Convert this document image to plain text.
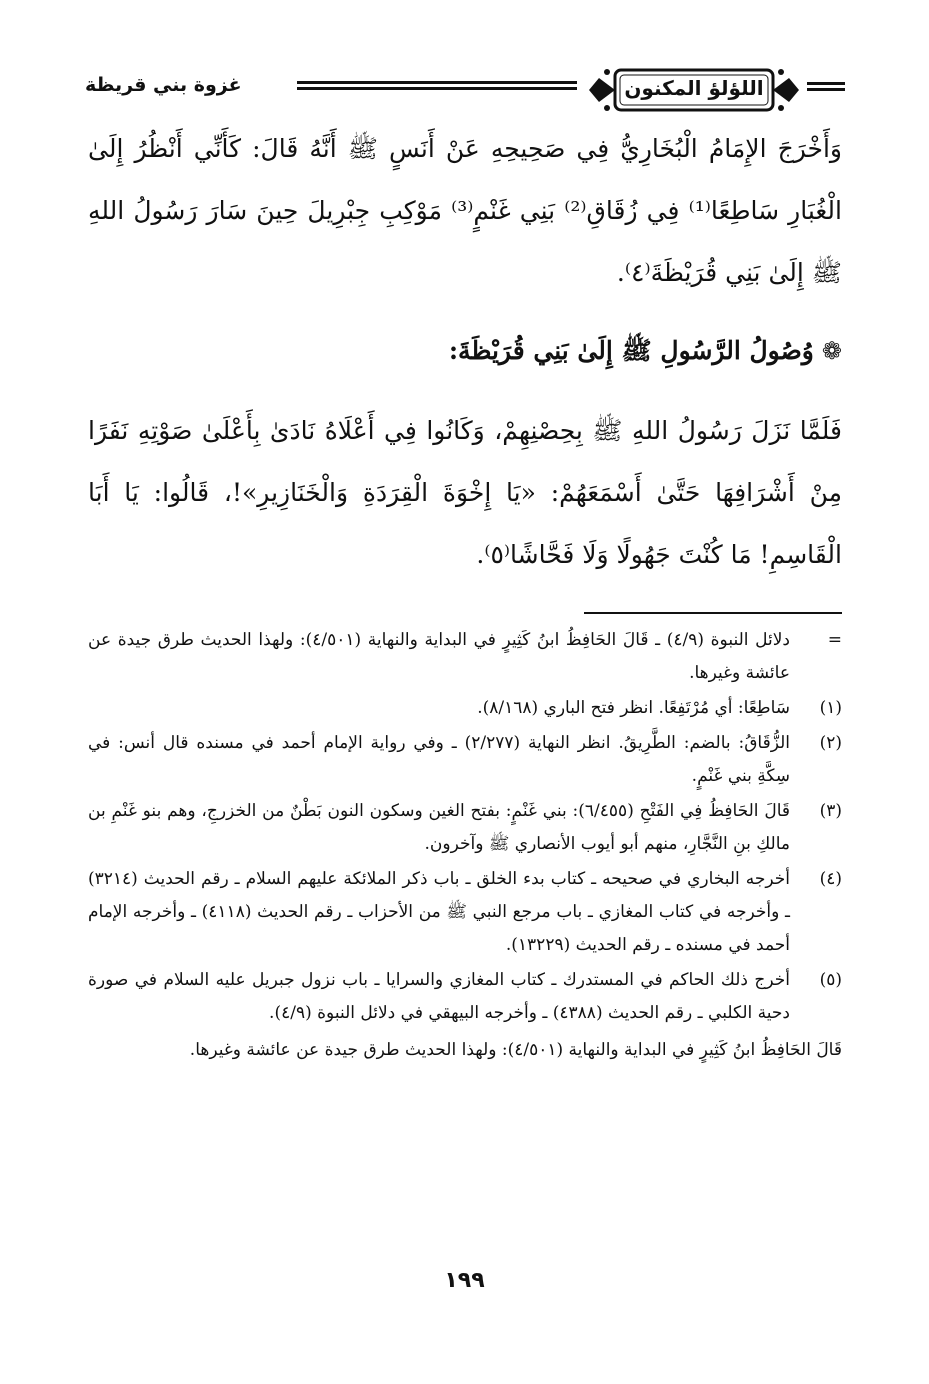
اللؤلؤ المكنون
غزوة بني قريظة

وَأَخْرَجَ الإِمَامُ الْبُخَارِيُّ فِي صَحِيحِهِ عَنْ أَنَسٍ ﷺ أَنَّهُ قَالَ: كَأَنِّي أَنْظُرُ إِلَىٰ الْغُبَارِ سَاطِعًا⁽¹⁾ فِي زُقَاقِ⁽²⁾ بَنِي غَنْمٍ⁽³⁾ مَوْكِبِ جِبْرِيلَ حِينَ سَارَ رَسُولُ اللهِ ﷺ إِلَىٰ بَنِي قُرَيْظَةَ⁽٤⁾.

❁وُصُولُ الرَّسُولِ ﷺ إِلَىٰ بَنِي قُرَيْظَةَ:

فَلَمَّا نَزَلَ رَسُولُ اللهِ ﷺ بِحِصْنِهِمْ، وَكَانُوا فِي أَعْلَاهُ نَادَىٰ بِأَعْلَىٰ صَوْتِهِ نَفَرًا مِنْ أَشْرَافِهَا حَتَّىٰ أَسْمَعَهُمْ: «يَا إِخْوَةَ الْقِرَدَةِ وَالْخَنَازِيرِ»!، قَالُوا: يَا أَبَا الْقَاسِمِ! مَا كُنْتَ جَهُولًا وَلَا فَحَّاشًا⁽٥⁾.

=
دلائل النبوة (٤/٩) ـ قَالَ الحَافِظُ ابنُ كَثِيرٍ في البداية والنهاية (٤/٥٠١): ولهذا الحديث طرق جيدة عن عائشة وغيرها.
(١)
سَاطِعًا: أي مُرْتَفِعًا. انظر فتح الباري (٨/١٦٨).
(٢)
الزُّقَاقُ: بالضم: الطَّرِيقُ. انظر النهاية (٢/٢٧٧) ـ وفي رواية الإمام أحمد في مسنده قال أنس: في سِكَّةِ بني غَنْمٍ.
(٣)
قَالَ الحَافِظُ فِي الفَتْحِ (٦/٤٥٥): بني غَنْمٍ: بفتح الغين وسكون النون بَطْنٌ من الخزرجِ، وهم بنو غَنْمِ بن مالكِ بنِ النَّجَّارِ، منهم أبو أيوب الأنصاري ﷺ وآخرون.
(٤)
أخرجه البخاري في صحيحه ـ كتاب بدء الخلق ـ باب ذكر الملائكة عليهم السلام ـ رقم الحديث (٣٢١٤) ـ وأخرجه في كتاب المغازي ـ باب مرجع النبي ﷺ من الأحزاب ـ رقم الحديث (٤١١٨) ـ وأخرجه الإمام أحمد في مسنده ـ رقم الحديث (١٣٢٢٩).
(٥)
أخرج ذلك الحاكم في المستدرك ـ كتاب المغازي والسرايا ـ باب نزول جبريل عليه السلام في صورة دحية الكلبي ـ رقم الحديث (٤٣٨٨) ـ وأخرجه البيهقي في دلائل النبوة (٤/٩).
قَالَ الحَافِظُ ابنُ كَثِيرٍ في البداية والنهاية (٤/٥٠١): ولهذا الحديث طرق جيدة عن عائشة وغيرها.
١٩٩
